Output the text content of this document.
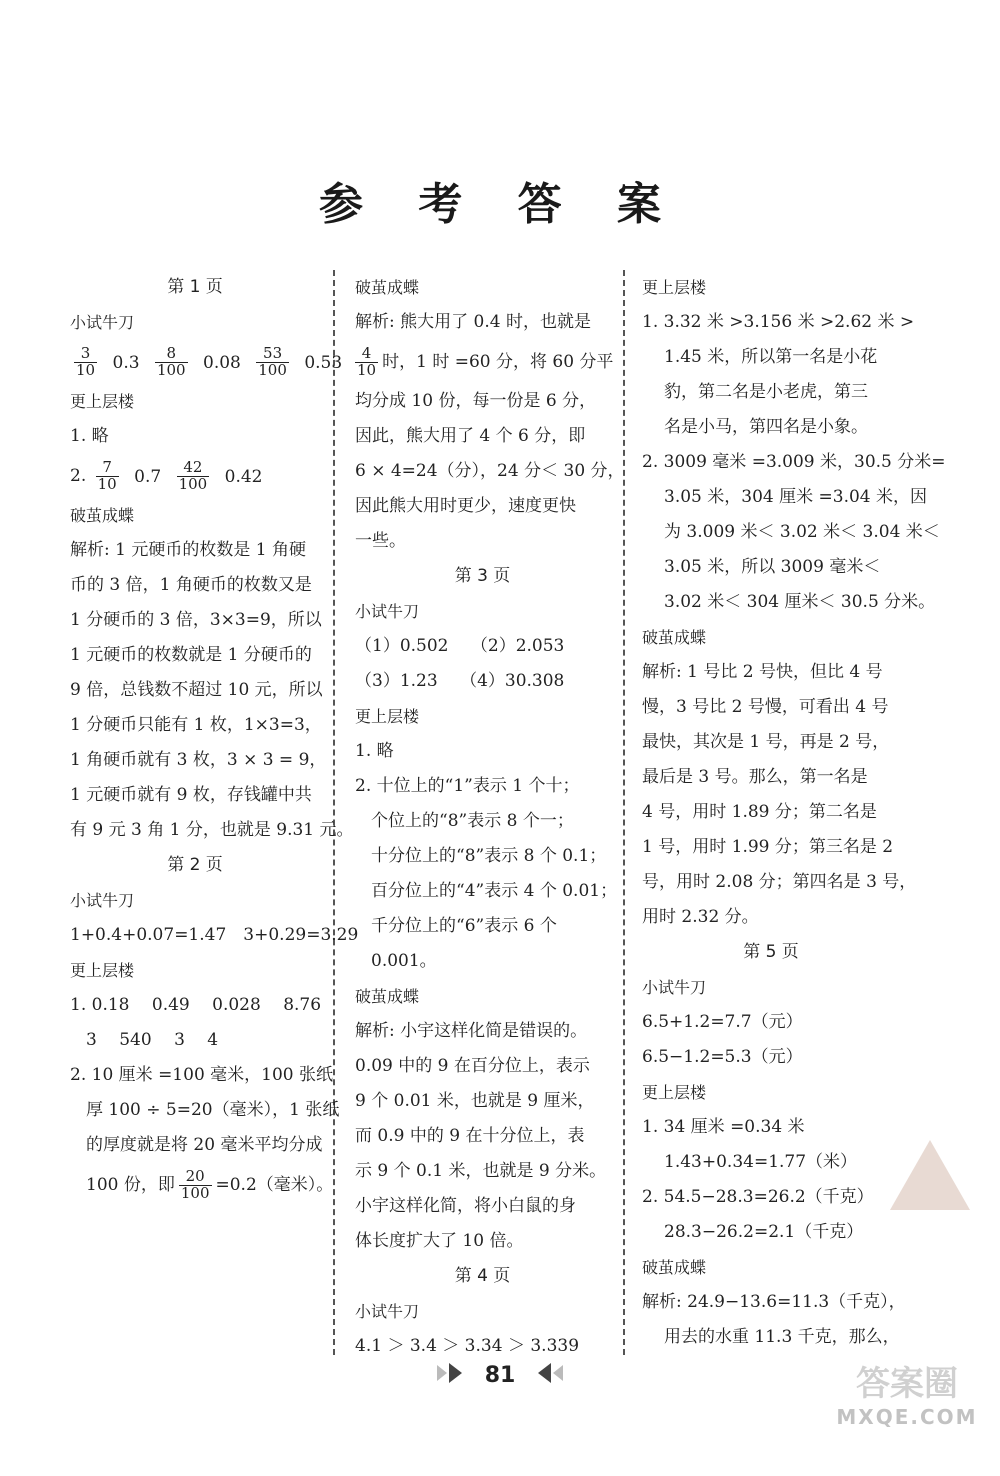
参 考 答 案
第 1 页
小试牛刀
$\frac{3}{10} 0.3 \frac{8}{100} 0.08 \frac{53}{100} 0.53$
更上层楼
1. 略
2. $\frac{7}{10} 0.7 \frac{42}{100} 0.42$
破茧成蝶
解析: 1 元硬币的枚数是 1 角硬
币的 3 倍，1 角硬币的枚数又是
1 分硬币的 3 倍，3×3=9，所以
1 元硬币的枚数就是 1 分硬币的
9 倍，总钱数不超过 10 元，所以
1 分硬币只能有 1 枚，1×3=3，
1 角硬币就有 3 枚，3 × 3 = 9，
1 元硬币就有 9 枚，存钱罐中共
有 9 元 3 角 1 分，也就是 9.31 元。
第 2 页
小试牛刀
1+0.4+0.07=1.47　3+0.29=3.29
更上层楼
1. 0.18　 0.49　 0.028　 8.76
3　 540　 3　 4
2. 10 厘米 =100 毫米，100 张纸
厚 100 ÷ 5=20（毫米），1 张纸
的厚度就是将 20 毫米平均分成
100 份，即 $\frac{20}{100} =0.2$（毫米）。
破茧成蝶
解析: 熊大用了 0.4 时，也就是
$\frac{4}{10}$ 时，1 时 =60 分，将 60 分平
均分成 10 份，每一份是 6 分，
因此，熊大用了 4 个 6 分，即
6 × 4=24（分），24 分＜ 30 分，
因此熊大用时更少，速度更快
一些。
第 3 页
小试牛刀
（1）0.502　 （2）2.053
（3）1.23　 （4）30.308
更上层楼
1. 略
2. 十位上的“1”表示 1 个十；
个位上的“8”表示 8 个一；
十分位上的“8”表示 8 个 0.1；
百分位上的“4”表示 4 个 0.01；
千分位上的“6”表示 6 个
0.001。
破茧成蝶
解析: 小宇这样化简是错误的。
0.09 中的 9 在百分位上，表示
9 个 0.01 米，也就是 9 厘米，
而 0.9 中的 9 在十分位上，表
示 9 个 0.1 米，也就是 9 分米。
小宇这样化简，将小白鼠的身
体长度扩大了 10 倍。
第 4 页
小试牛刀
4.1 ＞ 3.4 ＞ 3.34 ＞ 3.339
更上层楼
1. 3.32 米 >3.156 米 >2.62 米 >
1.45 米，所以第一名是小花
豹，第二名是小老虎，第三
名是小马，第四名是小象。
2. 3009 毫米 =3.009 米，30.5 分米=
3.05 米，304 厘米 =3.04 米，因
为 3.009 米＜ 3.02 米＜ 3.04 米＜
3.05 米，所以 3009 毫米＜
3.02 米＜ 304 厘米＜ 30.5 分米。
破茧成蝶
解析: 1 号比 2 号快，但比 4 号
慢，3 号比 2 号慢，可看出 4 号
最快，其次是 1 号，再是 2 号，
最后是 3 号。那么，第一名是
4 号，用时 1.89 分；第二名是
1 号，用时 1.99 分；第三名是 2
号，用时 2.08 分；第四名是 3 号，
用时 2.32 分。
第 5 页
小试牛刀
6.5+1.2=7.7（元）
6.5−1.2=5.3（元）
更上层楼
1. 34 厘米 =0.34 米
1.43+0.34=1.77（米）
2. 54.5−28.3=26.2（千克）
28.3−26.2=2.1（千克）
破茧成蝶
解析: 24.9−13.6=11.3（千克），
用去的水重 11.3 千克，那么，
81	答案圈
MXQE.COM
